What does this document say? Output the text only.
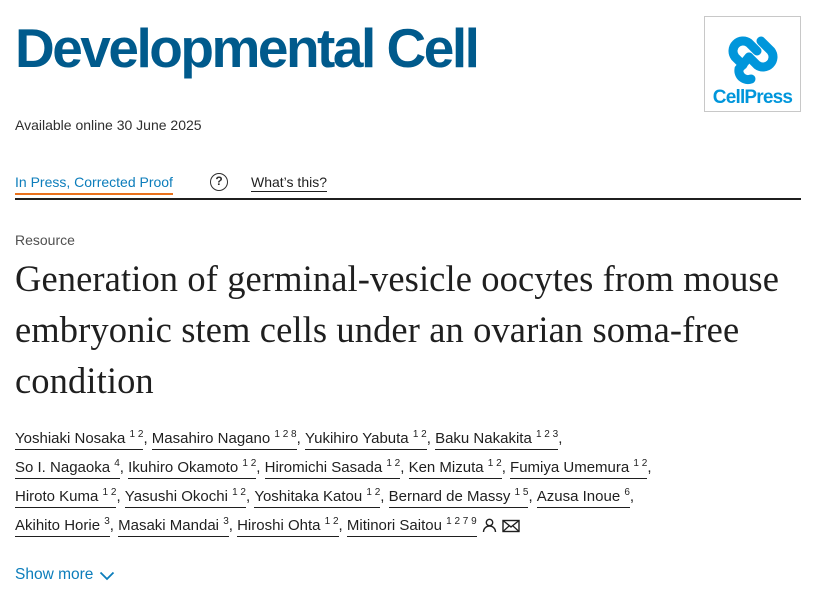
Developmental Cell
CellPress
Available online 30 June 2025
In Press, Corrected Proof	?	What’s this?
Resource
Generation of germinal-vesicle oocytes from mouse embryonic stem cells under an ovarian soma-free condition
Yoshiaki Nosaka $^{1 2}$, Masahiro Nagano $^{1 2 8}$, Yukihiro Yabuta $^{1 2}$, Baku Nakakita $^{1 2 3}$,
So I. Nagaoka $^4$, Ikuhiro Okamoto $^{1 2}$, Hiromichi Sasada $^{1 2}$, Ken Mizuta $^{1 2}$, Fumiya Umemura $^{1 2}$,
Hiroto Kuma $^{1 2}$, Yasushi Okochi $^{1 2}$, Yoshitaka Katou $^{1 2}$, Bernard de Massy $^{1 5}$, Azusa Inoue $^6$,
Akihito Horie $^3$, Masaki Mandai $^3$, Hiroshi Ohta $^{1 2}$, Mitinori Saitou $^{1 2 7 9}$
Show more
